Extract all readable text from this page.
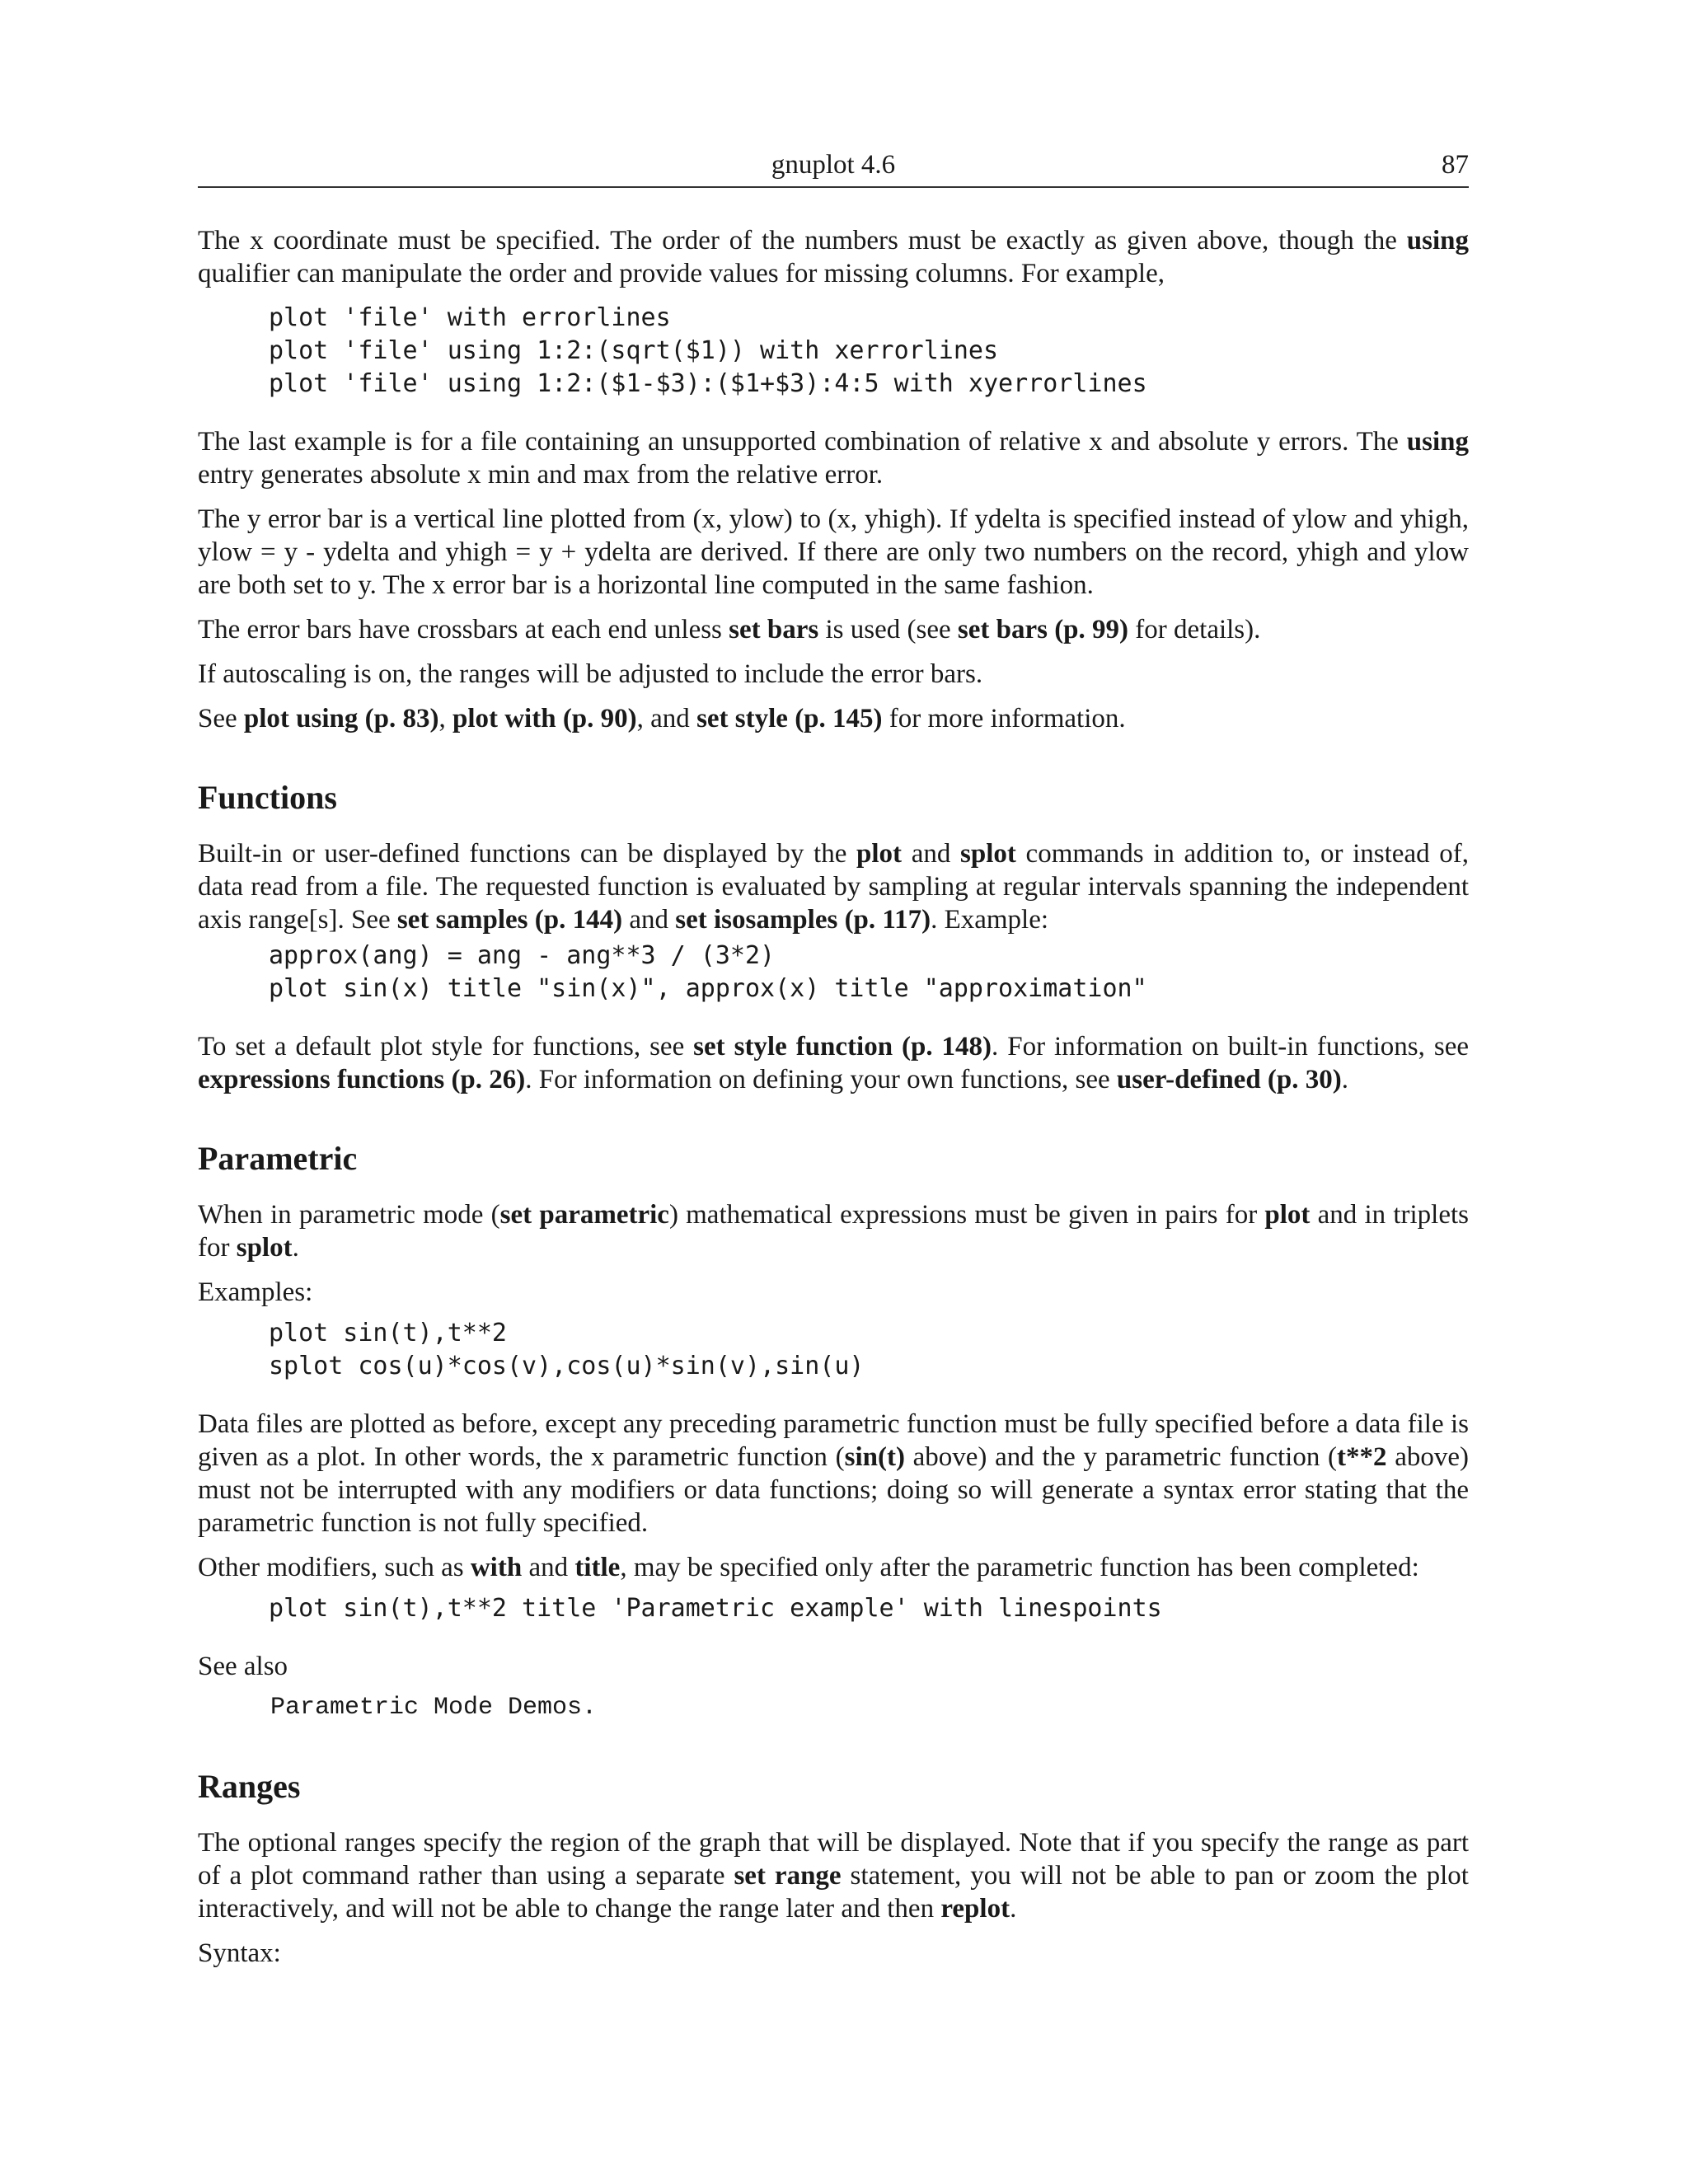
gnuplot 4.6	87

The x coordinate must be specified. The order of the numbers must be exactly as given above, though the using qualifier can manipulate the order and provide values for missing columns. For example,

plot 'file' with errorlines
plot 'file' using 1:2:(sqrt($1)) with xerrorlines
plot 'file' using 1:2:($1-$3):($1+$3):4:5 with xyerrorlines

The last example is for a file containing an unsupported combination of relative x and absolute y errors. The using entry generates absolute x min and max from the relative error.

The y error bar is a vertical line plotted from (x, ylow) to (x, yhigh). If ydelta is specified instead of ylow and yhigh, ylow = y - ydelta and yhigh = y + ydelta are derived. If there are only two numbers on the record, yhigh and ylow are both set to y. The x error bar is a horizontal line computed in the same fashion.

The error bars have crossbars at each end unless set bars is used (see set bars (p. 99) for details).

If autoscaling is on, the ranges will be adjusted to include the error bars.

See plot using (p. 83), plot with (p. 90), and set style (p. 145) for more information.

Functions

Built-in or user-defined functions can be displayed by the plot and splot commands in addition to, or instead of, data read from a file. The requested function is evaluated by sampling at regular intervals spanning the independent axis range[s]. See set samples (p. 144) and set isosamples (p. 117). Example:

approx(ang) = ang - ang**3 / (3*2)
plot sin(x) title "sin(x)", approx(x) title "approximation"

To set a default plot style for functions, see set style function (p. 148). For information on built-in functions, see expressions functions (p. 26). For information on defining your own functions, see user-defined (p. 30).

Parametric

When in parametric mode (set parametric) mathematical expressions must be given in pairs for plot and in triplets for splot.

Examples:

plot sin(t),t**2
splot cos(u)*cos(v),cos(u)*sin(v),sin(u)

Data files are plotted as before, except any preceding parametric function must be fully specified before a data file is given as a plot. In other words, the x parametric function (sin(t) above) and the y parametric function (t**2 above) must not be interrupted with any modifiers or data functions; doing so will generate a syntax error stating that the parametric function is not fully specified.

Other modifiers, such as with and title, may be specified only after the parametric function has been completed:

plot sin(t),t**2 title 'Parametric example' with linespoints

See also

Parametric Mode Demos.
Ranges

The optional ranges specify the region of the graph that will be displayed. Note that if you specify the range as part of a plot command rather than using a separate set range statement, you will not be able to pan or zoom the plot interactively, and will not be able to change the range later and then replot.

Syntax:
